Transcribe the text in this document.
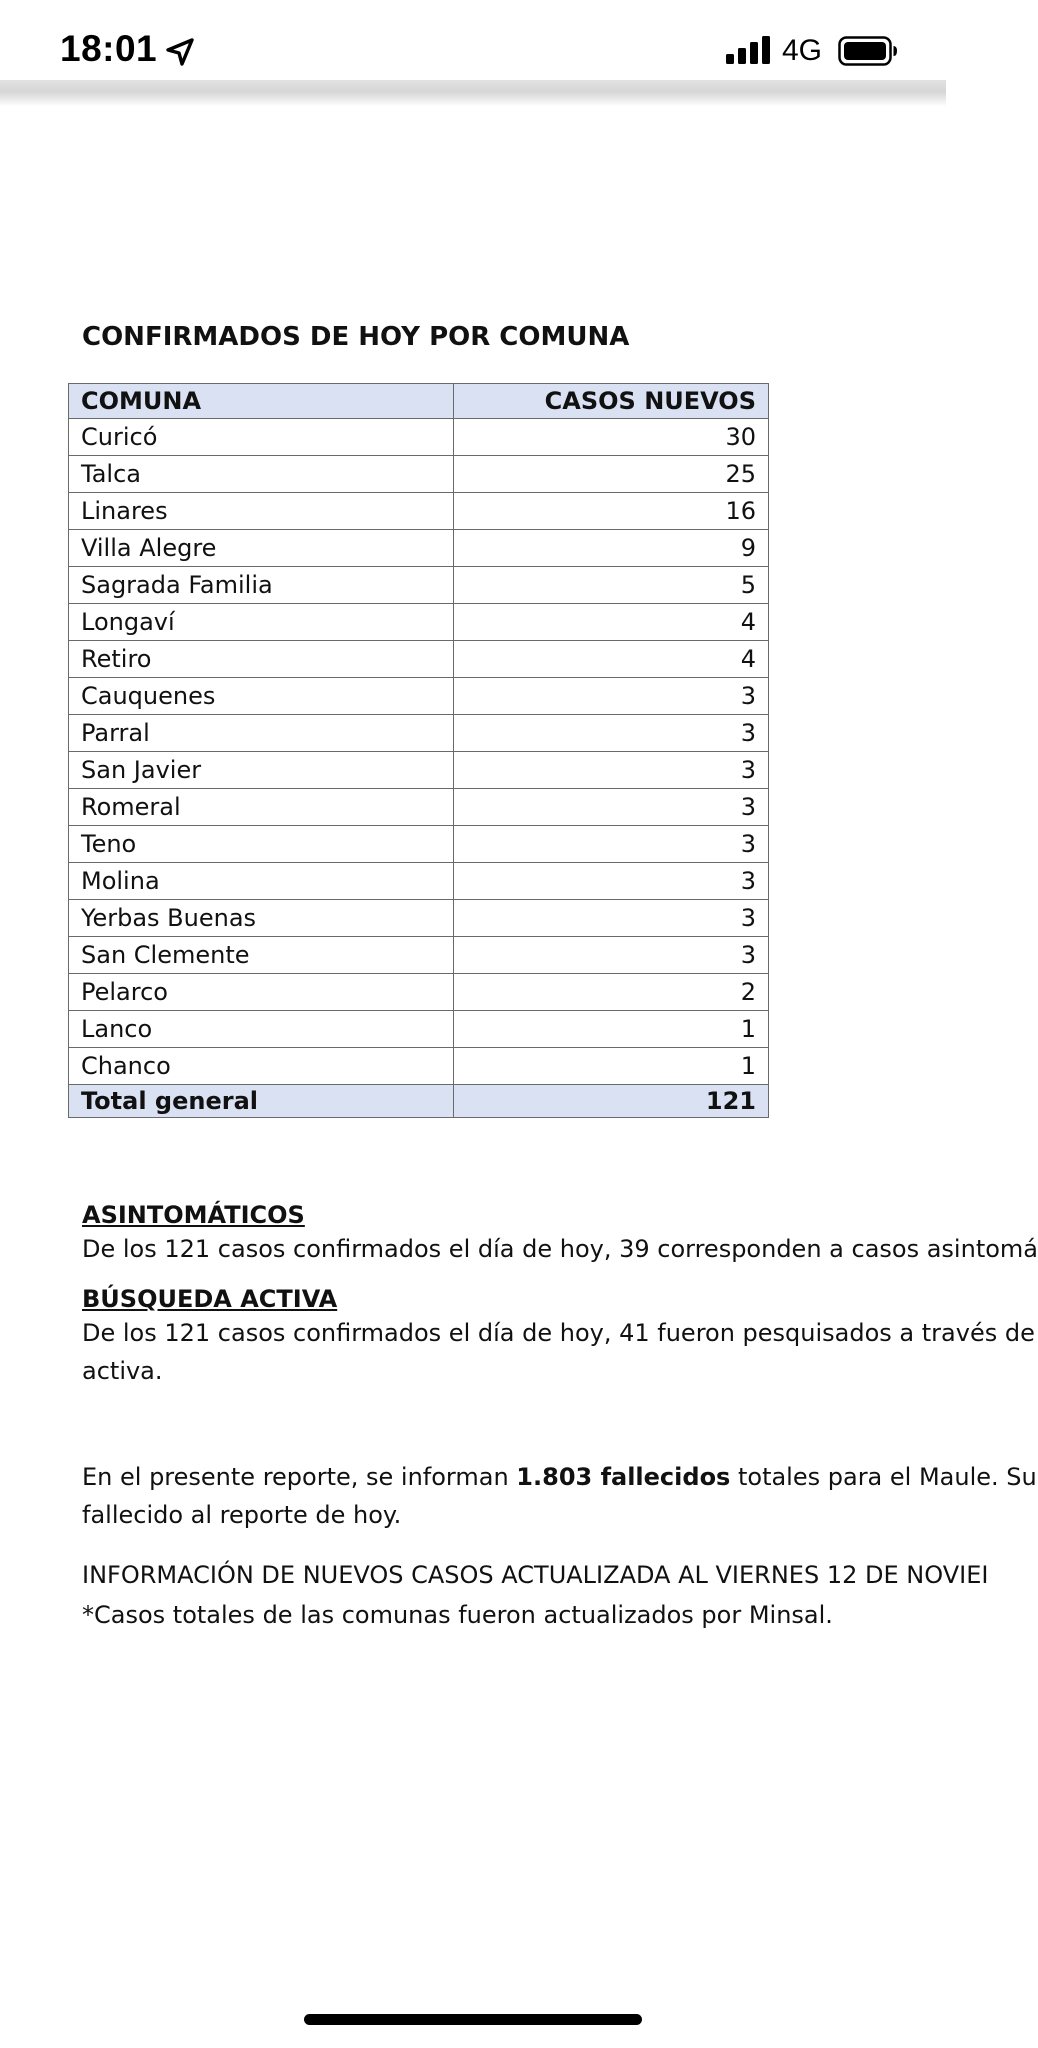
18:01	4G
CONFIRMADOS DE HOY POR COMUNA
COMUNA	CASOS NUEVOS
Curicó	30
Talca	25
Linares	16
Villa Alegre	9
Sagrada Familia	5
Longaví	4
Retiro	4
Cauquenes	3
Parral	3
San Javier	3
Romeral	3
Teno	3
Molina	3
Yerbas Buenas	3
San Clemente	3
Pelarco	2
Lanco	1
Chanco	1
Total general	121
ASINTOMÁTICOS
De los 121 casos confirmados el día de hoy, 39 corresponden a casos asintomá
BÚSQUEDA ACTIVA
De los 121 casos confirmados el día de hoy, 41 fueron pesquisados a través de
activa.
En el presente reporte, se informan 1.803 fallecidos totales para el Maule. Su
fallecido al reporte de hoy.
INFORMACIÓN DE NUEVOS CASOS ACTUALIZADA AL VIERNES 12 DE NOVIEI
*Casos totales de las comunas fueron actualizados por Minsal.
